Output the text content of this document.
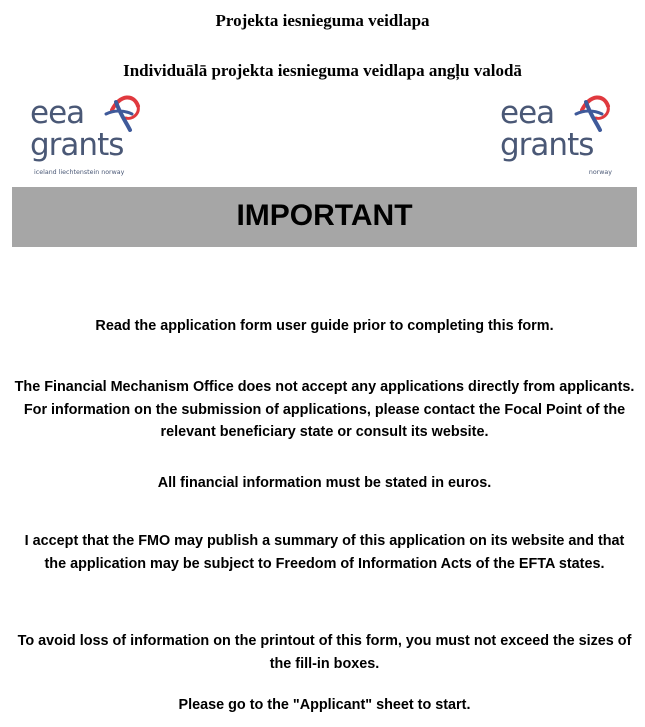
Projekta iesnieguma veidlapa
Individuālā projekta iesnieguma veidlapa angļu valodā
eea
grants
iceland liechtenstein norway
eea
grants
norway
IMPORTANT
Read the application form user guide prior to completing this form.
The Financial Mechanism Office does not accept any applications directly from applicants. For information on the submission of applications, please contact the Focal Point of the relevant beneficiary state or consult its website.
All financial information must be stated in euros.
I accept that the FMO may publish a summary of this application on its website and that the application may be subject to Freedom of Information Acts of the EFTA states.
To avoid loss of information on the printout of this form, you must not exceed the sizes of the fill-in boxes.
Please go to the "Applicant" sheet to start.
